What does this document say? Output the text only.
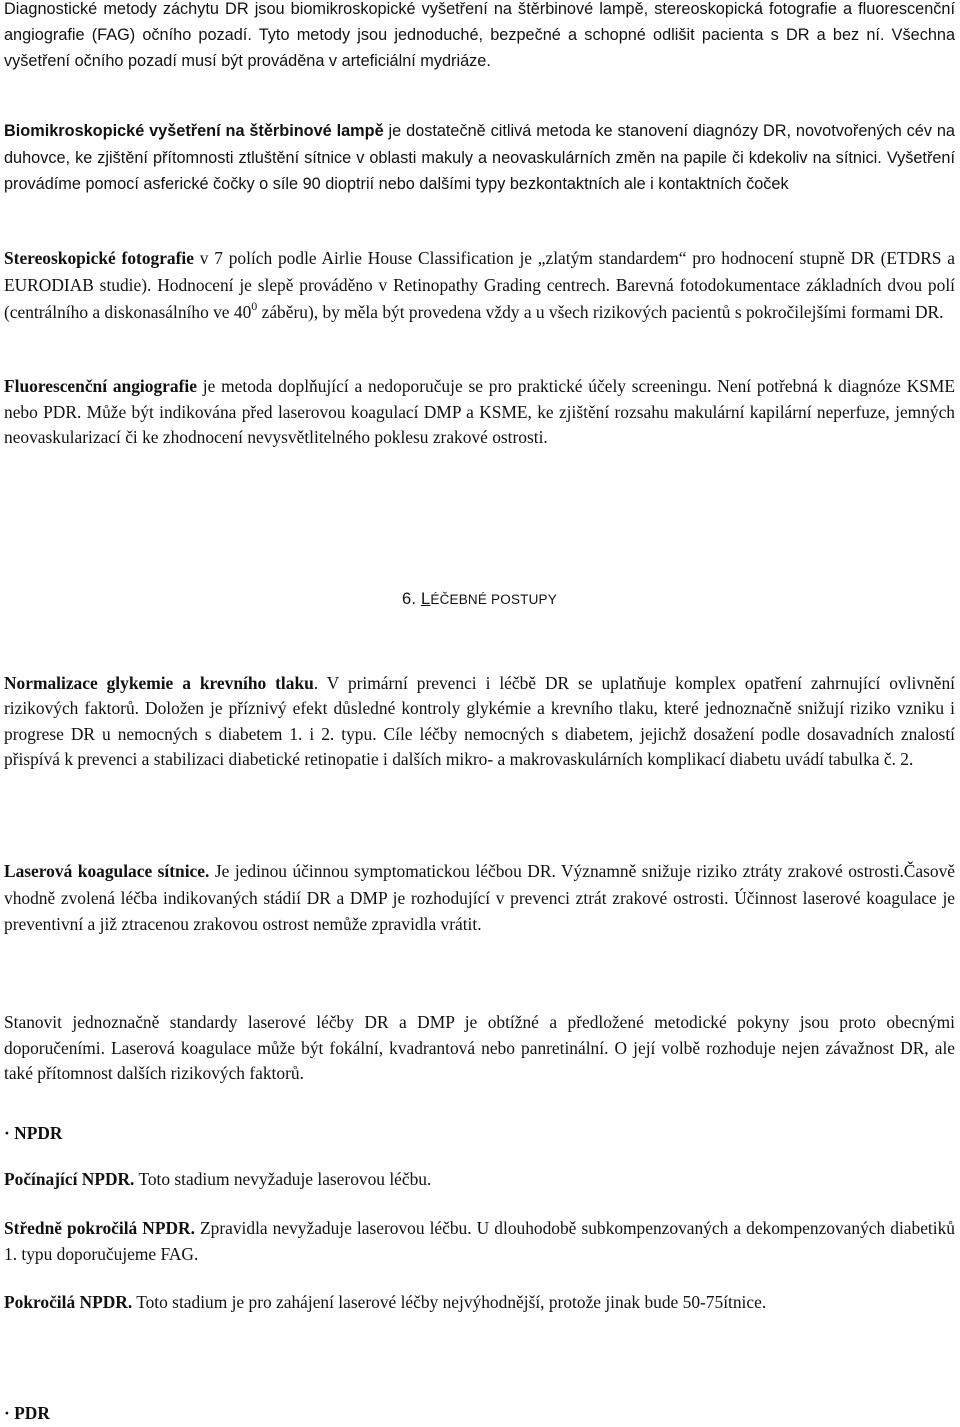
Diagnostické metody záchytu DR jsou biomikroskopické vyšetření na štěrbinové lampě, stereoskopická fotografie a fluorescenční angiografie (FAG) očního pozadí. Tyto metody jsou jednoduché, bezpečné a schopné odlišit pacienta s DR a bez ní. Všechna vyšetření očního pozadí musí být prováděna v arteficiální mydriáze.

Biomikroskopické vyšetření na štěrbinové lampě je dostatečně citlivá metoda ke stanovení diagnózy DR, novotvořených cév na duhovce, ke zjištění přítomnosti ztluštění sítnice v oblasti makuly a neovaskulárních změn na papile či kdekoliv na sítnici. Vyšetření provádíme pomocí asferické čočky o síle 90 dioptrií nebo dalšími typy bezkontaktních ale i kontaktních čoček

Stereoskopické fotografie v 7 polích podle Airlie House Classification je „zlatým standardem“ pro hodnocení stupně DR (ETDRS a EURODIAB studie). Hodnocení je slepě prováděno v Retinopathy Grading centrech. Barevná fotodokumentace základních dvou polí (centrálního a diskonasálního ve $40^0$ záběru), by měla být provedena vždy a u všech rizikových pacientů s pokročilejšími formami DR.

Fluorescenční angiografie je metoda doplňující a nedoporučuje se pro praktické účely screeningu. Není potřebná k diagnóze KSME nebo PDR. Může být indikována před laserovou koagulací DMP a KSME, ke zjištění rozsahu makulární kapilární neperfuze, jemných neovaskularizací či ke zhodnocení nevysvětlitelného poklesu zrakové ostrosti.

6. LÉČEBNÉ POSTUPY

Normalizace glykemie a krevního tlaku. V primární prevenci i léčbě DR se uplatňuje komplex opatření zahrnující ovlivnění rizikových faktorů. Doložen je příznivý efekt důsledné kontroly glykémie a krevního tlaku, které jednoznačně snižují riziko vzniku i progrese DR u nemocných s diabetem 1. i 2. typu. Cíle léčby nemocných s diabetem, jejichž dosažení podle dosavadních znalostí přispívá k prevenci a stabilizaci diabetické retinopatie i dalších mikro- a makrovaskulárních komplikací diabetu uvádí tabulka č. 2.

Laserová koagulace sítnice. Je jedinou účinnou symptomatickou léčbou DR. Významně snižuje riziko ztráty zrakové ostrosti.Časově vhodně zvolená léčba indikovaných stádií DR a DMP je rozhodující v prevenci ztrát zrakové ostrosti. Účinnost laserové koagulace je preventivní a již ztracenou zrakovou ostrost nemůže zpravidla vrátit.

Stanovit jednoznačně standardy laserové léčby DR a DMP je obtížné a předložené metodické pokyny jsou proto obecnými doporučeními. Laserová koagulace může být fokální, kvadrantová nebo panretinální. O její volbě rozhoduje nejen závažnost DR, ale také přítomnost dalších rizikových faktorů.

· NPDR

Počínající NPDR. Toto stadium nevyžaduje laserovou léčbu.

Středně pokročilá NPDR. Zpravidla nevyžaduje laserovou léčbu. U dlouhodobě subkompenzovaných a dekompenzovaných diabetiků 1. typu doporučujeme FAG.

Pokročilá NPDR. Toto stadium je pro zahájení laserové léčby nejvýhodnější, protože jinak bude 50-75ítnice.

· PDR
